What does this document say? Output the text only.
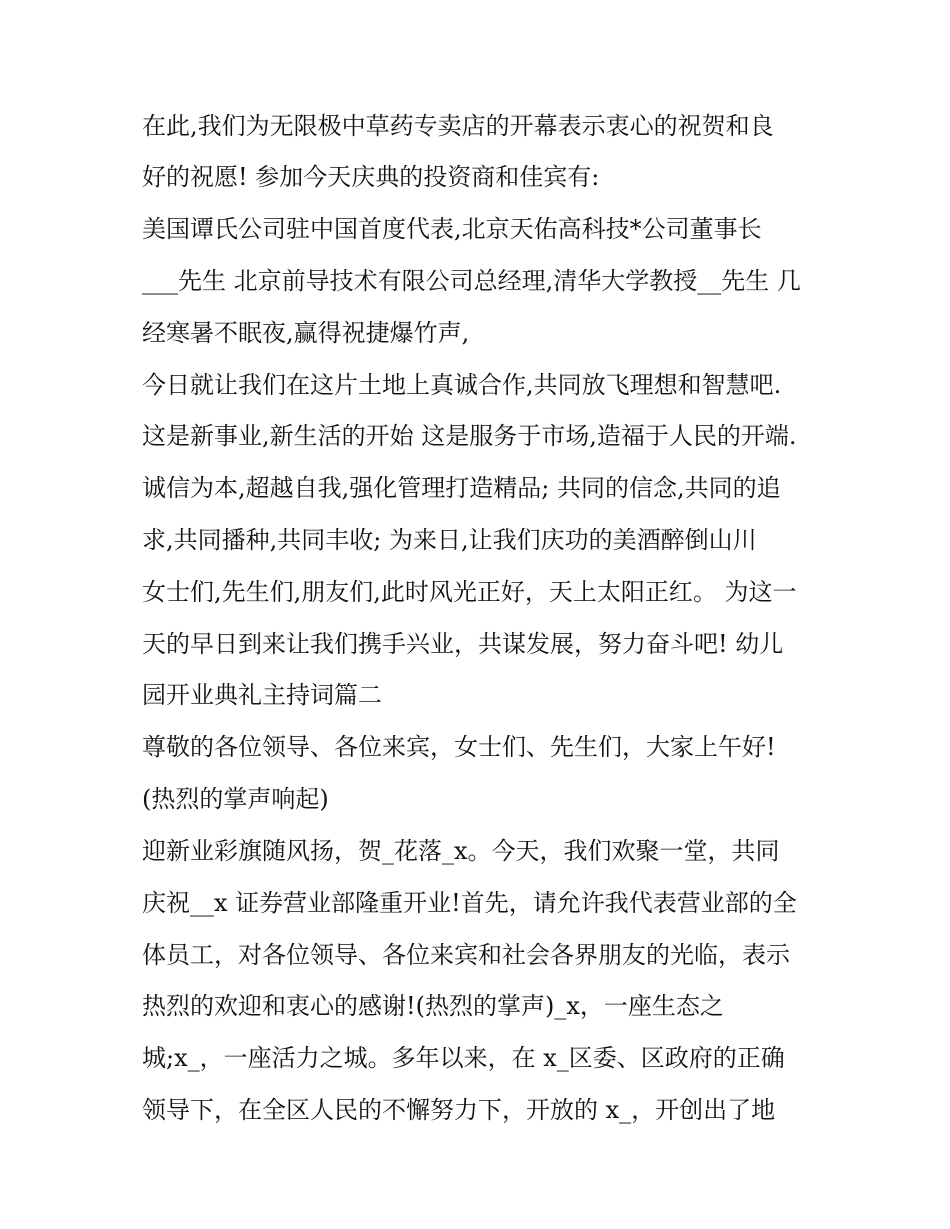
在此,我们为无限极中草药专卖店的开幕表示衷心的祝贺和良
好的祝愿! 参加今天庆典的投资商和佳宾有:
美国谭氏公司驻中国首度代表,北京天佑高科技*公司董事长
___先生 北京前导技术有限公司总经理,清华大学教授__先生 几
经寒暑不眠夜,赢得祝捷爆竹声,
今日就让我们在这片土地上真诚合作,共同放飞理想和智慧吧.
这是新事业,新生活的开始 这是服务于市场,造福于人民的开端.
诚信为本,超越自我,强化管理打造精品; 共同的信念,共同的追
求,共同播种,共同丰收; 为来日,让我们庆功的美酒醉倒山川
女士们,先生们,朋友们,此时风光正好，天上太阳正红。 为这一
天的早日到来让我们携手兴业，共谋发展，努力奋斗吧! 幼儿
园开业典礼主持词篇二
尊敬的各位领导、各位来宾，女士们、先生们，大家上午好!
(热烈的掌声响起)
迎新业彩旗随风扬，贺_花落_x。今天，我们欢聚一堂，共同
庆祝__x 证券营业部隆重开业!首先，请允许我代表营业部的全
体员工，对各位领导、各位来宾和社会各界朋友的光临，表示
热烈的欢迎和衷心的感谢!(热烈的掌声)_x，一座生态之
城;x_，一座活力之城。多年以来，在 x_区委、区政府的正确
领导下，在全区人民的不懈努力下，开放的 x_，开创出了地
